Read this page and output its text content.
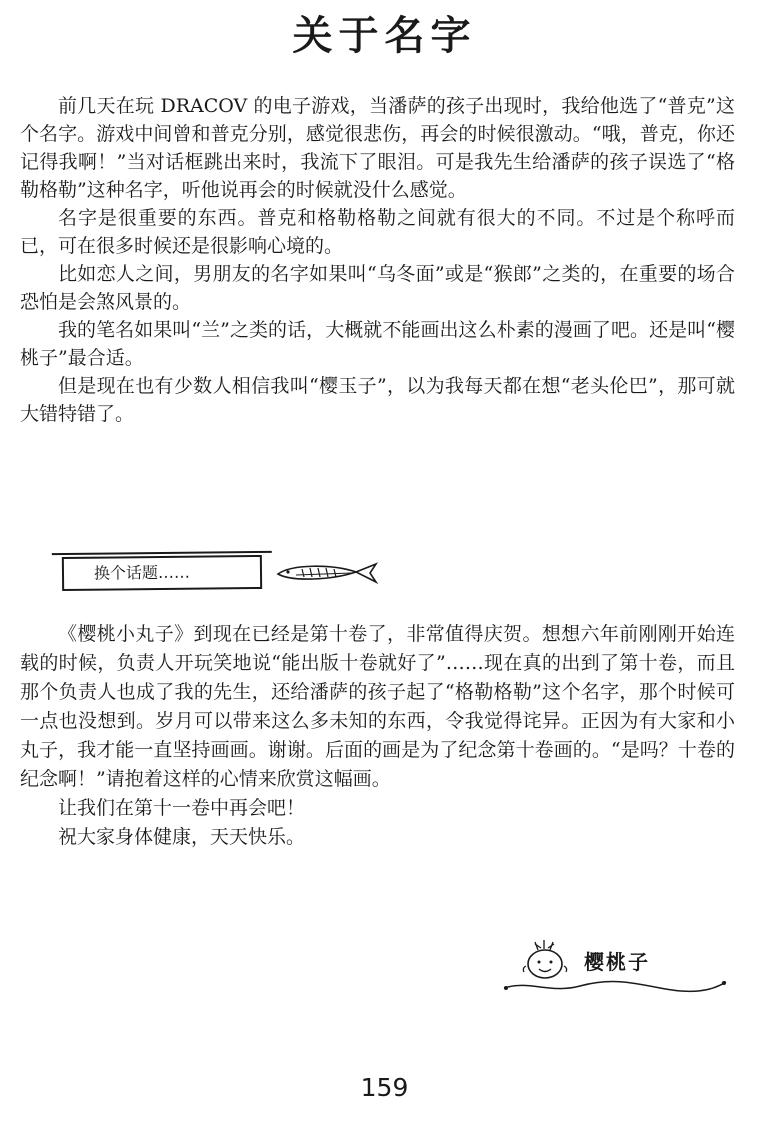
关于名字

前几天在玩 DRACOV 的电子游戏，当潘萨的孩子出现时，我给他选了“普克”这个名字。游戏中间曾和普克分别，感觉很悲伤，再会的时候很激动。“哦，普克，你还记得我啊！”当对话框跳出来时，我流下了眼泪。可是我先生给潘萨的孩子误选了“格勒格勒”这种名字，听他说再会的时候就没什么感觉。

名字是很重要的东西。普克和格勒格勒之间就有很大的不同。不过是个称呼而已，可在很多时候还是很影响心境的。

比如恋人之间，男朋友的名字如果叫“乌冬面”或是“猴郎”之类的，在重要的场合恐怕是会煞风景的。

我的笔名如果叫“兰”之类的话，大概就不能画出这么朴素的漫画了吧。还是叫“樱桃子”最合适。

但是现在也有少数人相信我叫“樱玉子”，以为我每天都在想“老头伦巴”，那可就大错特错了。

换个话题……

《樱桃小丸子》到现在已经是第十卷了，非常值得庆贺。想想六年前刚刚开始连载的时候，负责人开玩笑地说“能出版十卷就好了”……现在真的出到了第十卷，而且那个负责人也成了我的先生，还给潘萨的孩子起了“格勒格勒”这个名字，那个时候可一点也没想到。岁月可以带来这么多未知的东西，令我觉得诧异。正因为有大家和小丸子，我才能一直坚持画画。谢谢。后面的画是为了纪念第十卷画的。“是吗？十卷的纪念啊！”请抱着这样的心情来欣赏这幅画。

让我们在第十一卷中再会吧！

祝大家身体健康，天天快乐。

樱桃子
159
